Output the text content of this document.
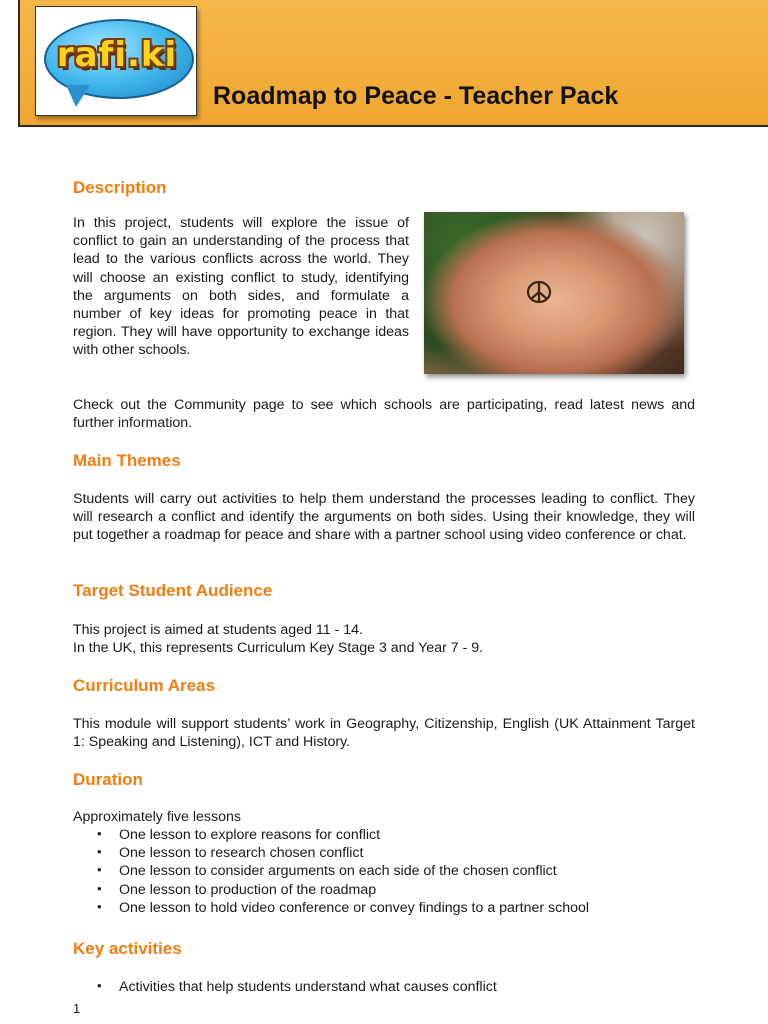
rafi.ki
Roadmap to Peace - Teacher Pack
Description

In this project, students will explore the issue of conflict to gain an understanding of the process that lead to the various conflicts across the world. They will choose an existing conflict to study, identifying the arguments on both sides, and formulate a number of key ideas for promoting peace in that region. They will have opportunity to exchange ideas with other schools.

Check out the Community page to see which schools are participating, read latest news and further information.

Main Themes

Students will carry out activities to help them understand the processes leading to conflict. They will research a conflict and identify the arguments on both sides. Using their knowledge, they will put together a roadmap for peace and share with a partner school using video conference or chat.

Target Student Audience

This project is aimed at students aged 11 - 14.

In the UK, this represents Curriculum Key Stage 3 and Year 7 - 9.

Curriculum Areas

This module will support students’ work in Geography, Citizenship, English (UK Attainment Target 1: Speaking and Listening), ICT and History.

Duration

Approximately five lessons

• One lesson to explore reasons for conflict
• One lesson to research chosen conflict
• One lesson to consider arguments on each side of the chosen conflict
• One lesson to production of the roadmap
• One lesson to hold video conference or convey findings to a partner school
Key activities
• Activities that help students understand what causes conflict

1
